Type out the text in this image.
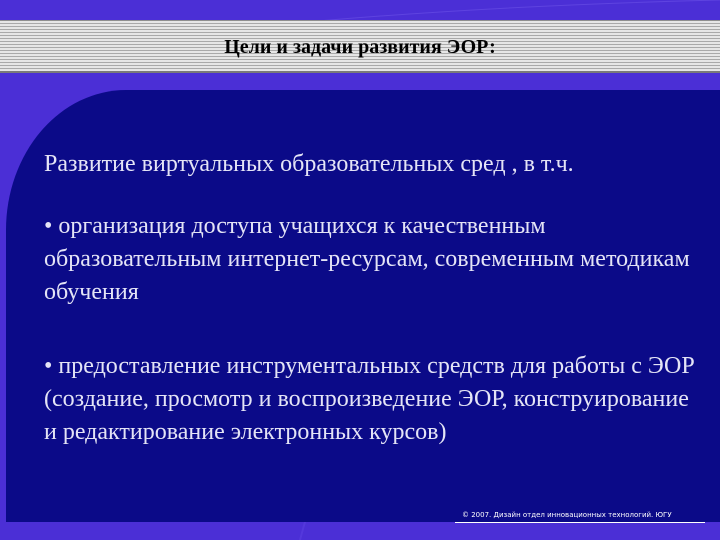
Цели и задачи развития ЭОР:

Развитие виртуальных образовательных сред , в т.ч.

• организация доступа учащихся к качественным образовательным интернет-ресурсам, современным методикам обучения

• предоставление инструментальных средств для работы с ЭОР (создание, просмотр и воспроизведение ЭОР, конструирование и редактирование электронных курсов)

© 2007. Дизайн отдел инновационных технологий. ЮГУ
